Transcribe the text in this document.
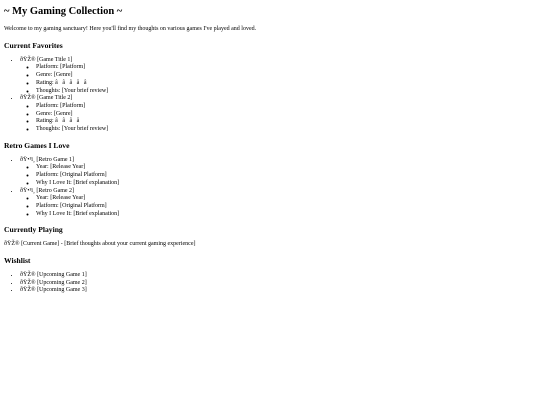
~ My Gaming Collection ~

Welcome to my gaming sanctuary! Here you'll find my thoughts on various games I've played and loved.

Current Favorites
• ðŸŽ® [Game Title 1]
◦ Platform: [Platform]
◦ Genre: [Genre]
◦ Rating: â   â   â   â   â
◦ Thoughts: [Your brief review]
• ðŸŽ® [Game Title 2]
◦ Platform: [Platform]
◦ Genre: [Genre]
◦ Rating: â   â   â   â
◦ Thoughts: [Your brief review]
Retro Games I Love
• ðŸ•¹ï¸ [Retro Game 1]
◦ Year: [Release Year]
◦ Platform: [Original Platform]
◦ Why I Love It: [Brief explanation]
• ðŸ•¹ï¸ [Retro Game 2]
◦ Year: [Release Year]
◦ Platform: [Original Platform]
◦ Why I Love It: [Brief explanation]
Currently Playing

ðŸŽ® [Current Game] - [Brief thoughts about your current gaming experience]

Wishlist
• ðŸŽ® [Upcoming Game 1]
• ðŸŽ® [Upcoming Game 2]
• ðŸŽ® [Upcoming Game 3]
